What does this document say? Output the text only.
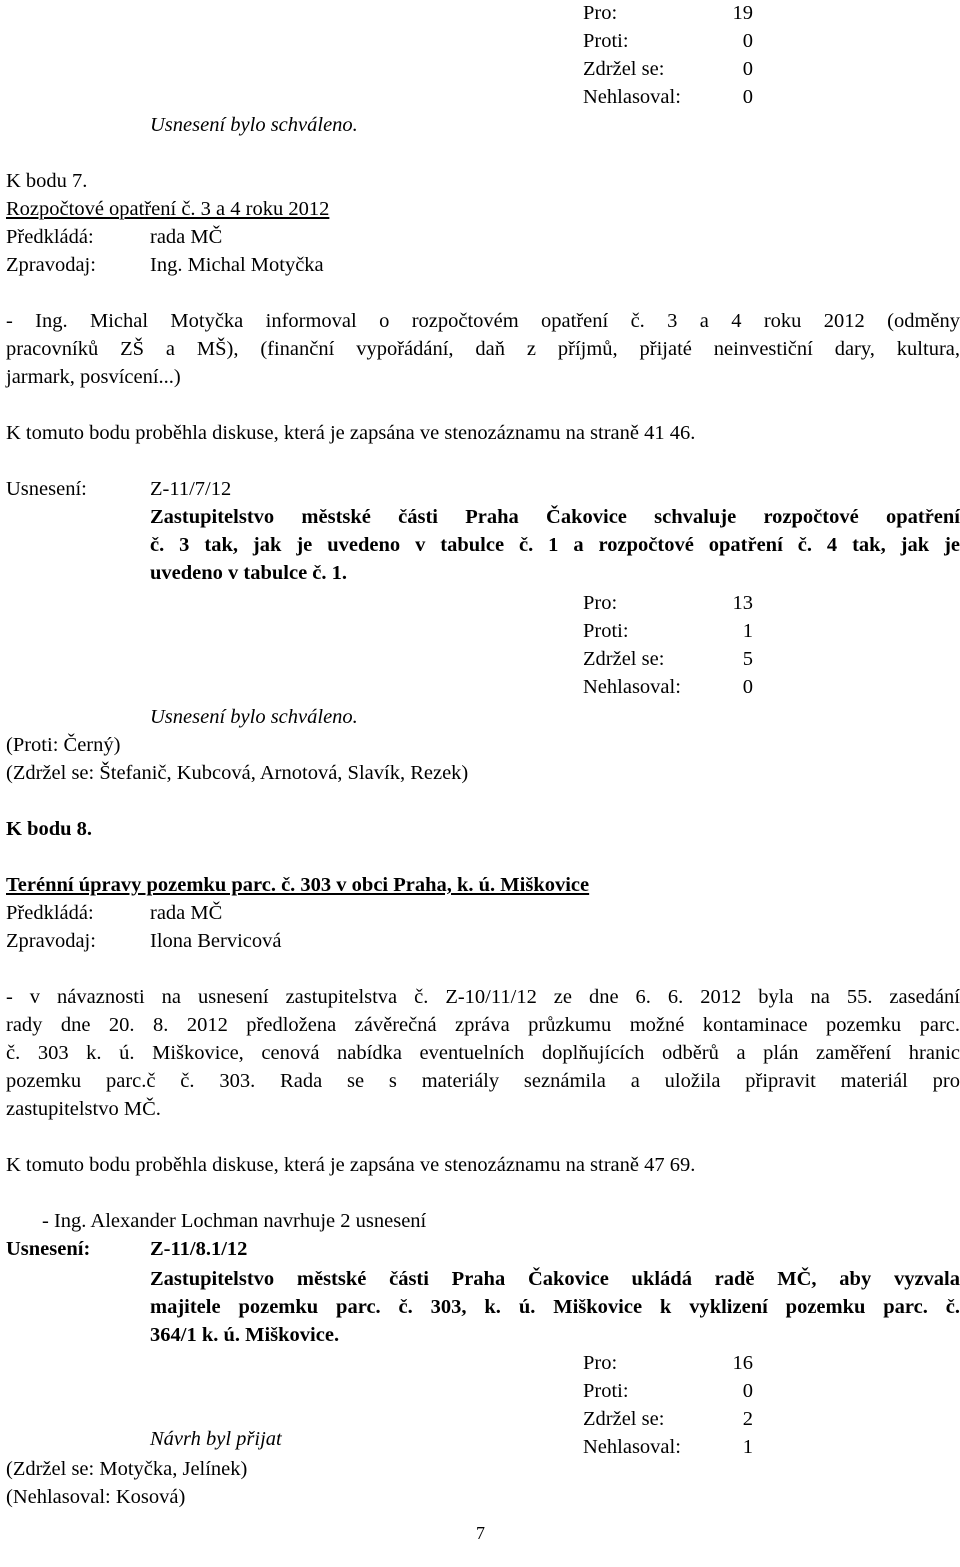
Pro:	19
Proti:	0
Zdržel se:	0
Nehlasoval:	0
Usnesení bylo schváleno.
K bodu 7.
Rozpočtové opatření č. 3 a 4 roku 2012
Předkládá:	rada MČ
Zpravodaj:	Ing. Michal Motyčka
- Ing. Michal Motyčka informoval o rozpočtovém opatření č. 3 a 4 roku 2012 (odměny
pracovníků ZŠ a MŠ), (finanční vypořádání, daň z příjmů, přijaté neinvestiční dary, kultura,
jarmark, posvícení...)
K tomuto bodu proběhla diskuse, která je zapsána ve stenozáznamu na straně 41 46.
Usnesení:	Z-11/7/12
Zastupitelstvo městské části Praha Čakovice schvaluje rozpočtové opatření
č. 3 tak, jak je uvedeno v tabulce č. 1 a rozpočtové opatření č. 4 tak, jak je
uvedeno v tabulce č. 1.
Pro:	13
Proti:	1
Zdržel se:	5
Nehlasoval:	0
Usnesení bylo schváleno.
(Proti: Černý)
(Zdržel se: Štefanič, Kubcová, Arnotová, Slavík, Rezek)
K bodu 8.
Terénní úpravy pozemku parc. č. 303 v obci Praha, k. ú. Miškovice
Předkládá:	rada MČ
Zpravodaj:	Ilona Bervicová
- v návaznosti na usnesení zastupitelstva č. Z-10/11/12 ze dne 6. 6. 2012 byla na 55. zasedání
rady dne 20. 8. 2012 předložena závěrečná zpráva průzkumu možné kontaminace pozemku parc.
č. 303 k. ú. Miškovice, cenová nabídka eventuelních doplňujících odběrů a plán zaměření hranic
pozemku parc.č č. 303. Rada se s materiály seznámila a uložila připravit materiál pro
zastupitelstvo MČ.
K tomuto bodu proběhla diskuse, která je zapsána ve stenozáznamu na straně 47 69.
- Ing. Alexander Lochman navrhuje 2 usnesení
Usnesení:	Z-11/8.1/12
Zastupitelstvo městské části Praha Čakovice ukládá radě MČ, aby vyzvala
majitele pozemku parc. č. 303, k. ú. Miškovice k vyklizení pozemku parc. č.
364/1 k. ú. Miškovice.
Pro:	16
Proti:	0
Zdržel se:	2
Nehlasoval:	1
Návrh byl přijat
(Zdržel se: Motyčka, Jelínek)
(Nehlasoval: Kosová)
7
